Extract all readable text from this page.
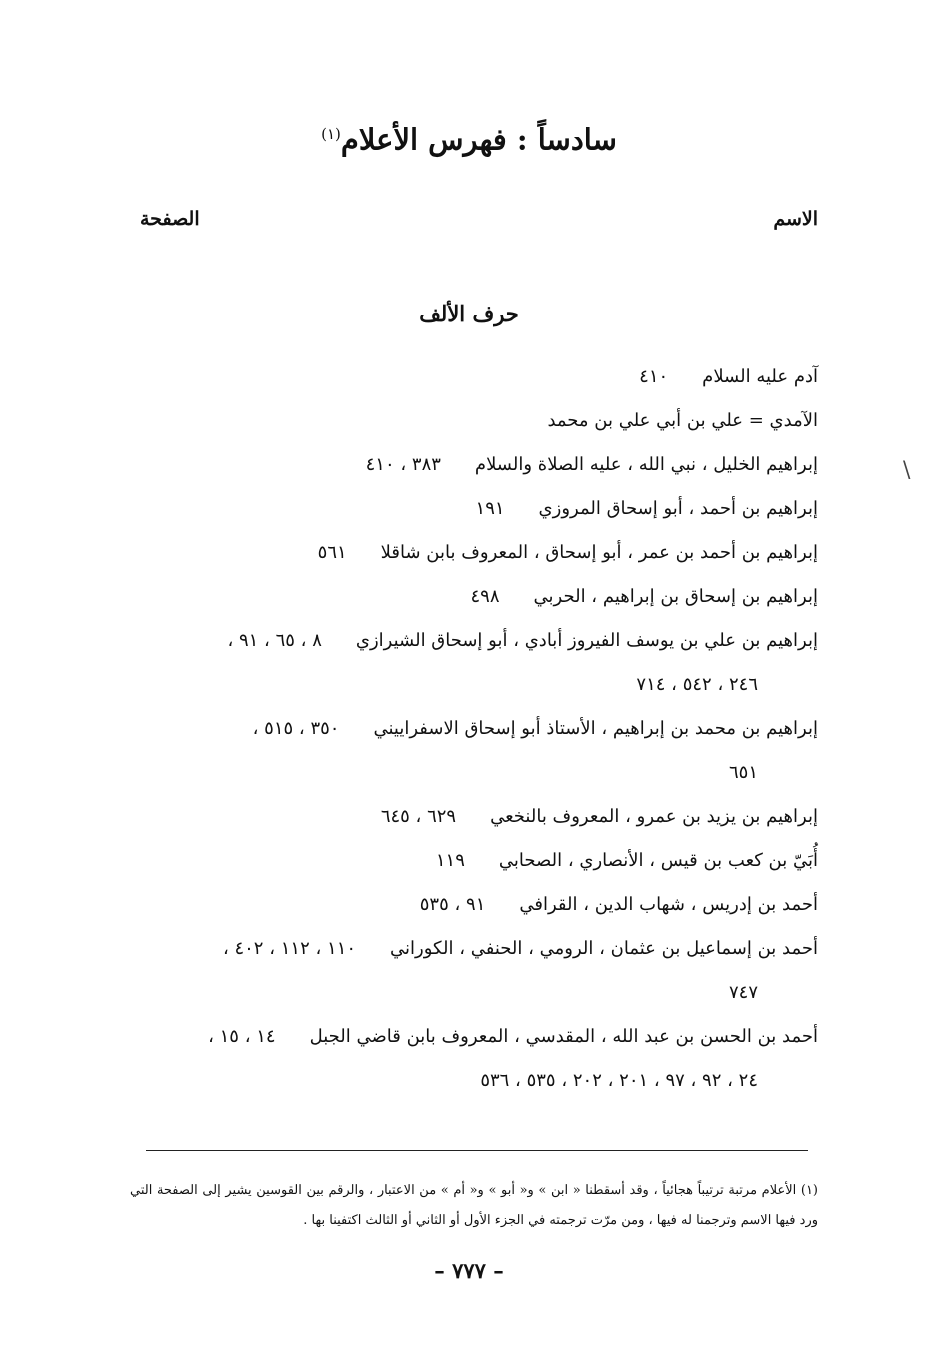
سادساً : فهرس الأعلام$^{(١)}$
الاسم
الصفحة
حرف الألف
آدم عليه السلام٤١٠
الآمدي = علي بن أبي علي بن محمد
إبراهيم الخليل ، نبي الله ، عليه الصلاة والسلام٣٨٣ ، ٤١٠
إبراهيم بن أحمد ، أبو إسحاق المروزي١٩١
إبراهيم بن أحمد بن عمر ، أبو إسحاق ، المعروف بابن شاقلا٥٦١
إبراهيم بن إسحاق بن إبراهيم ، الحربي٤٩٨
إبراهيم بن علي بن يوسف الفيروز أبادي ، أبو إسحاق الشيرازي٨ ، ٦٥ ، ٩١ ،
٢٤٦ ، ٥٤٢ ، ٧١٤
إبراهيم بن محمد بن إبراهيم ، الأستاذ أبو إسحاق الاسفراييني٣٥٠ ، ٥١٥ ،
٦٥١
إبراهيم بن يزيد بن عمرو ، المعروف بالنخعي٦٢٩ ، ٦٤٥
أُبَيّ بن كعب بن قيس ، الأنصاري ، الصحابي١١٩
أحمد بن إدريس ، شهاب الدين ، القرافي٩١ ، ٥٣٥
أحمد بن إسماعيل بن عثمان ، الرومي ، الحنفي ، الكوراني١١٠ ، ١١٢ ، ٤٠٢ ،
٧٤٧
أحمد بن الحسن بن عبد الله ، المقدسي ، المعروف بابن قاضي الجبل١٤ ، ١٥ ،
٢٤ ، ٩٢ ، ٩٧ ، ٢٠١ ، ٢٠٢ ، ٥٣٥ ، ٥٣٦
\
(١) الأعلام مرتبة ترتيباً هجائياً ، وقد أسقطنا « ابن » و« أبو » و« أم » من الاعتبار ، والرقم بين القوسين يشير إلى الصفحة التي ورد فيها الاسم وترجمنا له فيها ، ومن مرّت ترجمته في الجزء الأول أو الثاني أو الثالث اكتفينا بها .
– ٧٧٧ –
